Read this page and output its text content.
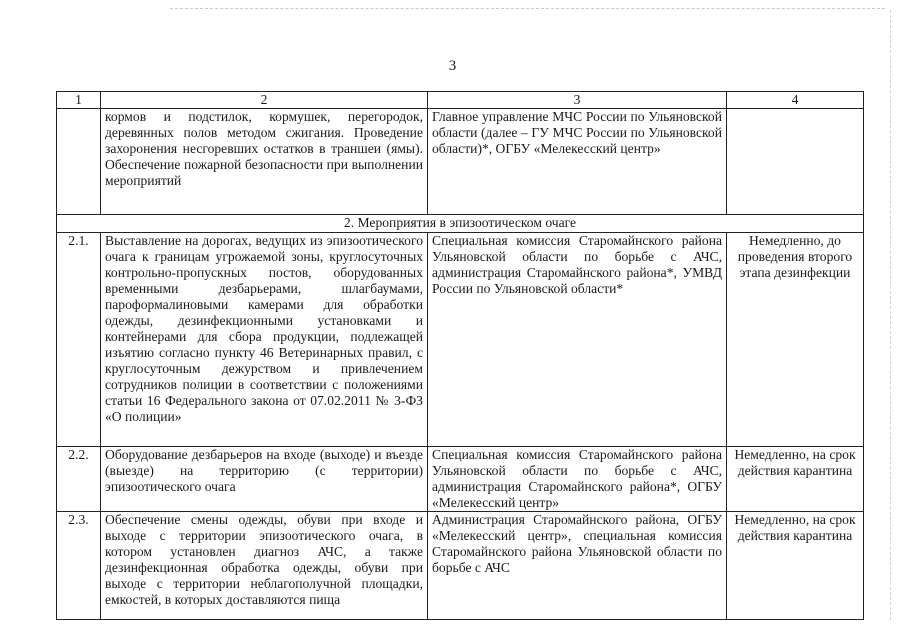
3
1	2	3	4
	кормов и подстилок, кормушек, перегородок, деревянных полов методом сжигания. Проведение захоронения несгоревших остатков в траншеи (ямы). Обеспечение пожарной безопасности при выполнении мероприятий	Главное управление МЧС России по Ульяновской области (далее – ГУ МЧС России по Ульяновской области)*, ОГБУ «Мелекесский центр»	
2. Мероприятия в эпизоотическом очаге			
2.1.	Выставление на дорогах, ведущих из эпизоотического очага к границам угрожаемой зоны, круглосуточных контрольно-пропускных постов, оборудованных временными дезбарьерами, шлагбаумами, пароформалиновыми камерами для обработки одежды, дезинфекционными установками и контейнерами для сбора продукции, подлежащей изъятию согласно пункту 46 Ветеринарных правил, с круглосуточным дежурством и привлечением сотрудников полиции в соответствии с положениями статьи 16 Федерального закона от 07.02.2011 № 3-ФЗ «О полиции»	Специальная комиссия Старомайнского района Ульяновской области по борьбе с АЧС, администрация Старомайнского района*, УМВД России по Ульяновской области*	Немедленно, до проведения второго этапа дезинфекции
2.2.	Оборудование дезбарьеров на входе (выходе) и въезде (выезде) на территорию (с территории) эпизоотического очага	Специальная комиссия Старомайнского района Ульяновской области по борьбе с АЧС, администрация Старомайнского района*, ОГБУ «Мелекесский центр»	Немедленно, на срок действия карантина
2.3.	Обеспечение смены одежды, обуви при входе и выходе с территории эпизоотического очага, в котором установлен диагноз АЧС, а также дезинфекционная обработка одежды, обуви при выходе с территории неблагополучной площадки, емкостей, в которых доставляются пища	Администрация Старомайнского района, ОГБУ «Мелекесский центр», специальная комиссия Старомайнского района Ульяновской области по борьбе с АЧС	Немедленно, на срок действия карантина
